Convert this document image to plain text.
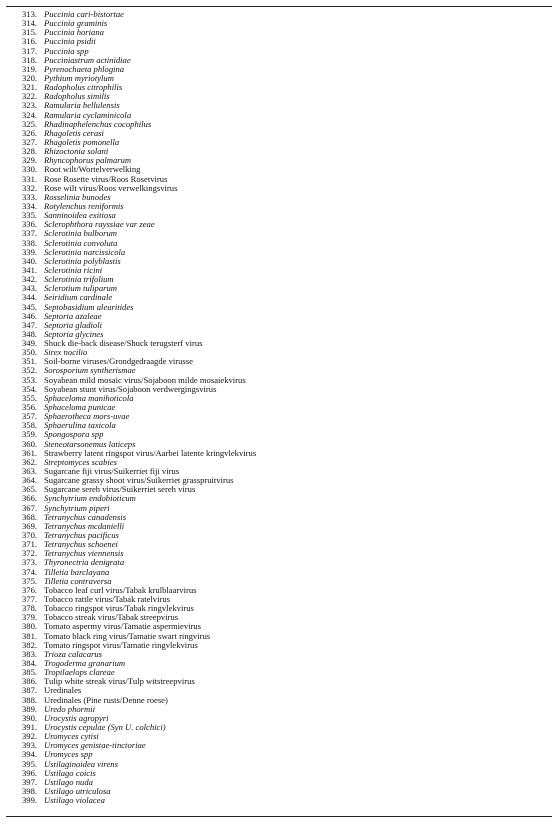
313. Puccinia cari-bistortae
314. Puccinia graminis
315. Puccinia horiana
316. Puccinia psidii
317. Puccinia spp
318. Pucciniastrum actinidiae
319. Pyrenochaeta phlogina
320. Pythium myriotylum
321. Radopholus citrophilis
322. Radopholus similis
323. Ramularia bellulensis
324. Ramularia cyclaminicola
325. Rhadinaphelenchus cocophilus
326. Rhagoletis cerasi
327. Rhagoletis pomonella
328. Rhizoctonia solani
329. Rhyncophorus palmarum
330. Root wilt/Wortelverwelking
331. Rose Rosette virus/Roos Rosetvirus
332. Rose wilt virus/Roos verwelkingsvirus
333. Rosselinia bunodes
334. Rotylenchus reniformis
335. Sanninoidea exitiosa
336. Sclerophthora rayssiae var zeae
337. Sclerotinia bulborum
338. Sclerotinia convoluta
339. Sclerotinia narcissicola
340. Sclerotinia polyblastis
341. Sclerotinia ricini
342. Sclerotinia trifolium
343. Sclerotium tuliparum
344. Seiridium cardinale
345. Septobasidium aleuritides
346. Septoria azaleae
347. Septoria gladioli
348. Septoria glycines
349. Shuck die-back disease/Shuck terugsterf virus
350. Sirex nocilio
351. Soil-borne viruses/Grondgedraagde virusse
352. Sorosporium syntherismae
353. Soyabean mild mosaic virus/Sojaboon milde mosaiekvirus
354. Soyabean stunt virus/Sojaboon verdwergingsvirus
355. Sphaceloma manihoticola
356. Sphaceloma punicae
357. Sphaerotheca mors-uvae
358. Sphaerulina taxicola
359. Spongospora spp
360. Steneotarsonemus laticeps
361. Strawberry latent ringspot virus/Aarbei latente kringvlekvirus
362. Streptomyces scabies
363. Sugarcane fiji virus/Suikerriet fiji virus
364. Sugarcane grassy shoot virus/Suikerriet grasspruitvirus
365. Sugarcane sereh virus/Suikerriet sereh virus
366. Synchytrium endobioticum
367. Synchytrium piperi
368. Tetranychus canadensis
369. Tetranychus mcdanielli
370. Tetranychus pacificus
371. Tetranychus schoenei
372. Tetranychus viennensis
373. Thyronectria denigrata
374. Tilletia barclayana
375. Tilletia contraversa
376. Tobacco leaf curl virus/Tabak krulblaarvirus
377. Tobacco rattle virus/Tabak ratelvirus
378. Tobacco ringspot virus/Tabak ringvlekvirus
379. Tobacco streak virus/Tabak streepvirus
380. Tomato aspermy virus/Tamatie aspermievirus
381. Tomato black ring virus/Tamatie swart ringvirus
382. Tomato ringspot virus/Tamatie ringvlekvirus
383. Trioza calacarus
384. Trogoderma granarium
385. Tropilaelops clareae
386. Tulip white streak virus/Tulp witstreepvirus
387. Uredinales
388. Uredinales (Pine rusts/Denne roese)
389. Uredo phormii
390. Urocystis agropyri
391. Urocystis cepulae (Syn U. colchici)
392. Uromyces cytisi
393. Uromyces genistae-tinctoriae
394. Uromyces spp
395. Ustilaginoidea virens
396. Ustilago coicis
397. Ustilago nuda
398. Ustilago utriculosa
399. Ustilago violacea
